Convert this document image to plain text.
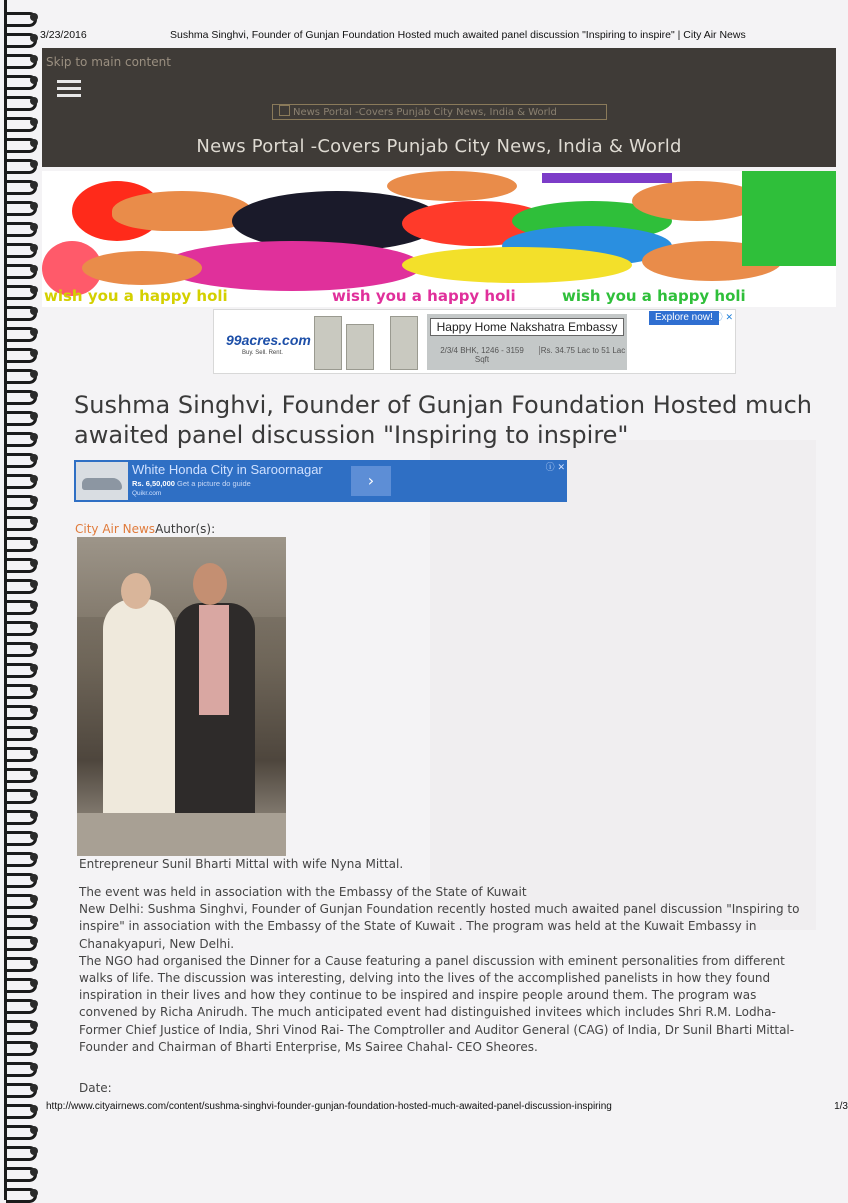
3/23/2016	Sushma Singhvi, Founder of Gunjan Foundation Hosted much awaited panel discussion "Inspiring to inspire" | City Air News
Skip to main content
News Portal -Covers Punjab City News, India & World
News Portal -Covers Punjab City News, India & World
wish you a happy holi	wish you a happy holi	wish you a happy holi
99acres.com
Buy. Sell. Rent.
Happy Home Nakshatra Embassy
2/3/4 BHK, 1246 - 3159 Sqft
Rs. 34.75 Lac to 51 Lac
Explore now! ⓘ ✕
Sushma Singhvi, Founder of Gunjan Foundation Hosted much awaited panel discussion "Inspiring to inspire"
White Honda City in Saroornagar
Rs. 6,50,000 Get a picture do guide
Quikr.com
›
ⓘ ✕
City Air NewsAuthor(s):
Entrepreneur Sunil Bharti Mittal with wife Nyna Mittal.

The event was held in association with the Embassy of the State of Kuwait

New Delhi: Sushma Singhvi, Founder of Gunjan Foundation recently hosted much awaited panel discussion "Inspiring to inspire" in association with the Embassy of the State of Kuwait . The program was held at the Kuwait Embassy in Chanakyapuri, New Delhi.

The NGO had organised the Dinner for a Cause featuring a panel discussion with eminent personalities from different walks of life. The discussion was interesting, delving into the lives of the accomplished panelists in how they found inspiration in their lives and how they continue to be inspired and inspire people around them. The program was convened by Richa Anirudh. The much anticipated event had distinguished invitees which includes Shri R.M. Lodha- Former Chief Justice of India, Shri Vinod Rai- The Comptroller and Auditor General (CAG) of India, Dr Sunil Bharti Mittal- Founder and Chairman of Bharti Enterprise, Ms Sairee Chahal- CEO Sheores.

Date:
http://www.cityairnews.com/content/sushma-singhvi-founder-gunjan-foundation-hosted-much-awaited-panel-discussion-inspiring	1/3
